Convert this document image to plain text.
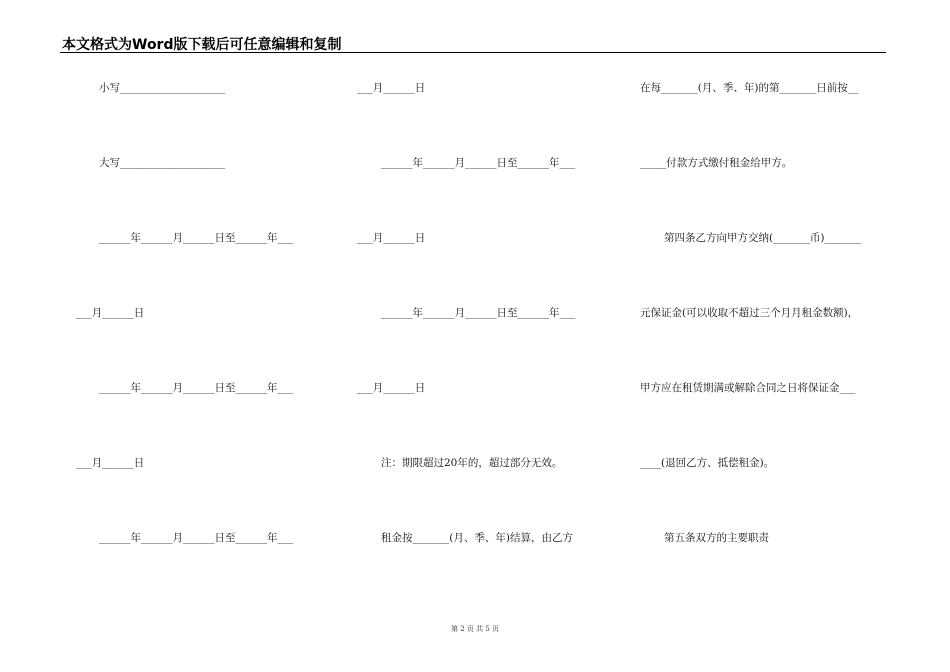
本文格式为Word版下载后可任意编辑和复制
小写____________________
大写____________________
______年______月______日至______年___
___月______日
______年______月______日至______年___
___月______日
______年______月______日至______年___
___月______日
______年______月______日至______年___
___月______日
______年______月______日至______年___
___月______日
注：期限超过20年的，超过部分无效。
租金按_______(月、季、年)结算，由乙方
在每_______(月、季、年)的第_______日前按__
_____付款方式缴付租金给甲方。
第四条乙方向甲方交纳(_______币)_______
元保证金(可以收取不超过三个月月租金数额)，
甲方应在租赁期满或解除合同之日将保证金___
____(退回乙方、抵偿租金)。
第五条双方的主要职责
第 2 页 共 5 页
